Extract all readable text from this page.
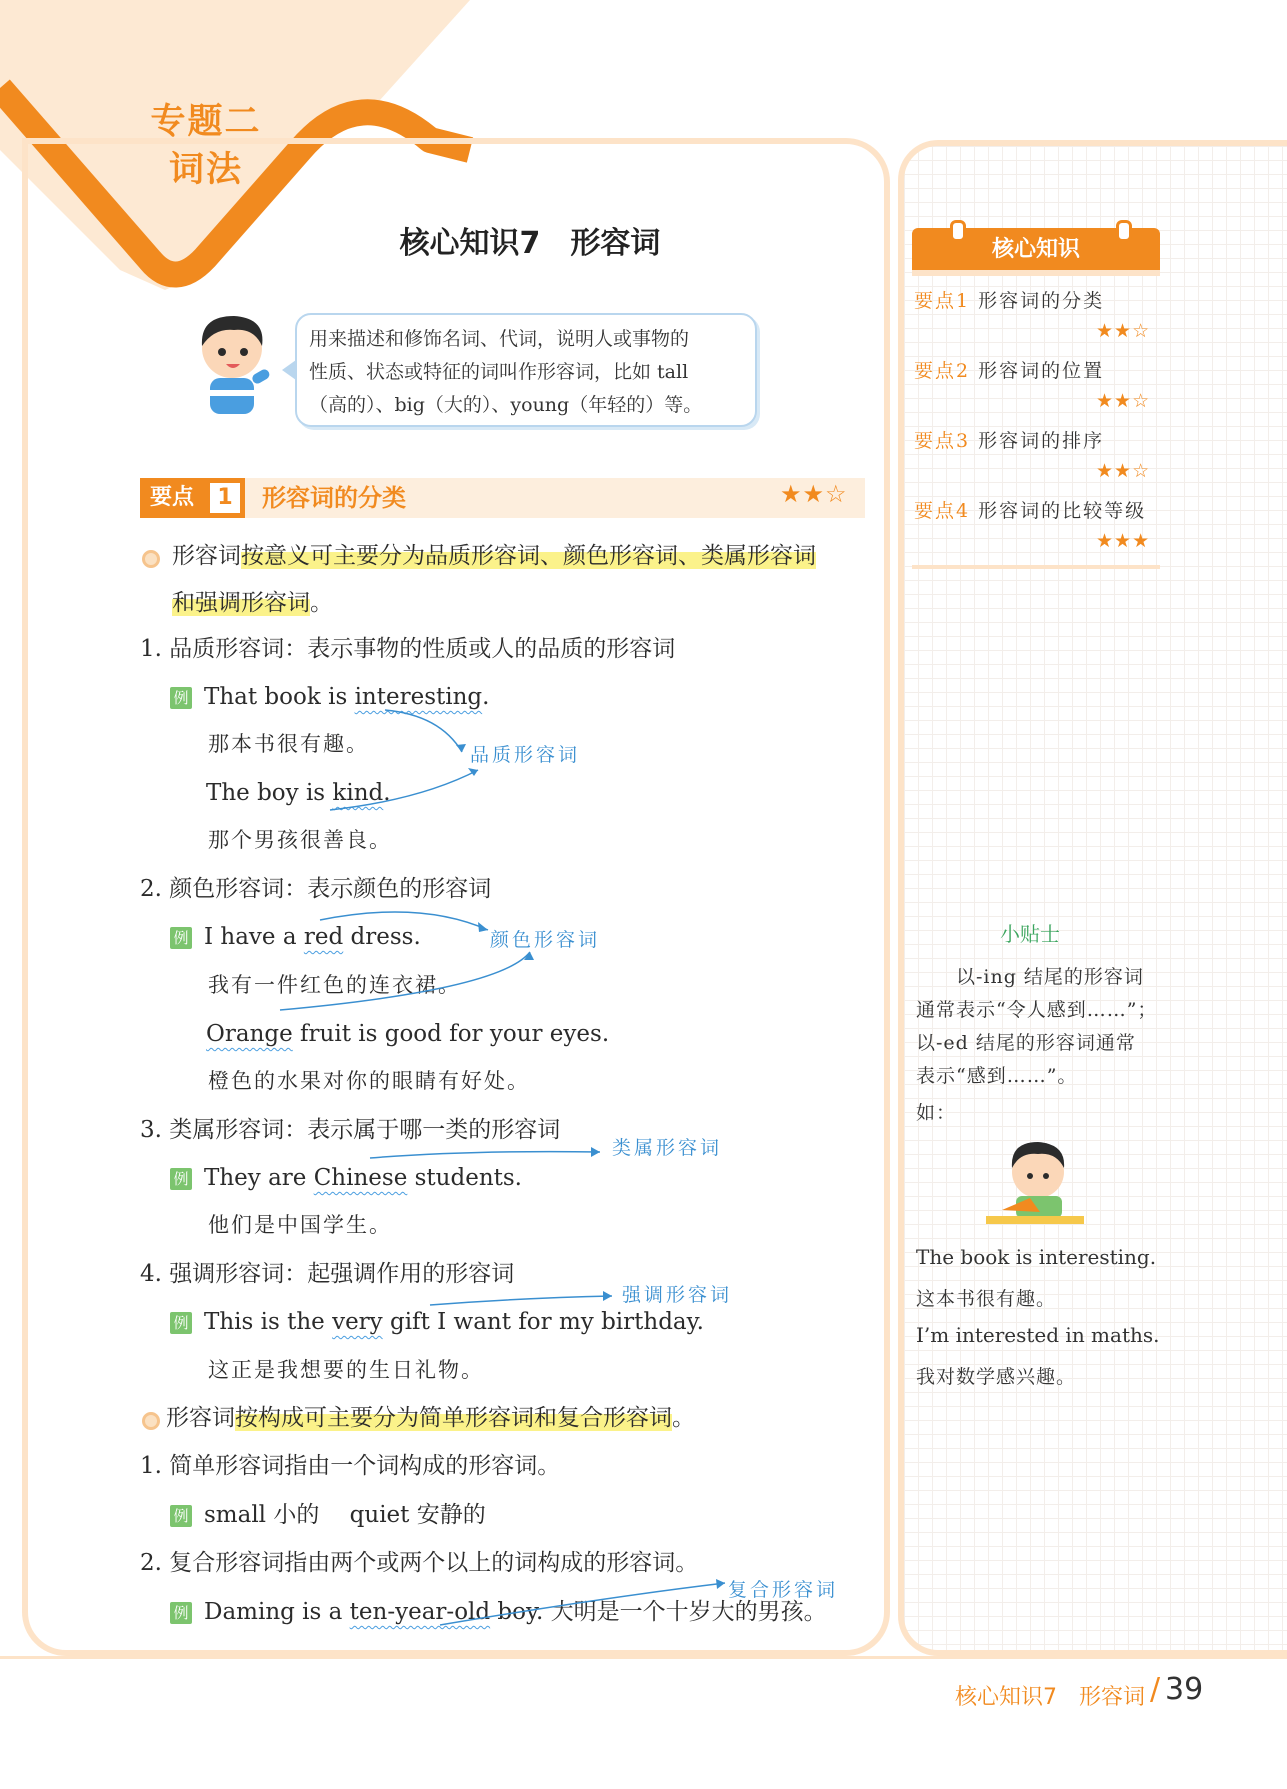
专题二
词法
核心知识7　形容词
用来描述和修饰名词、代词，说明人或事物的
性质、状态或特征的词叫作形容词，比如 tall
（高的）、big（大的）、young（年轻的）等。
要点	1	形容词的分类	★★☆
形容词按意义可主要分为品质形容词、颜色形容词、类属形容词
和强调形容词。
1. 品质形容词：表示事物的性质或人的品质的形容词
例 That book is interesting.
那本书很有趣。
The boy is kind.
那个男孩很善良。
品质形容词
2. 颜色形容词：表示颜色的形容词
例 I have a red dress.
我有一件红色的连衣裙。
Orange fruit is good for your eyes.
橙色的水果对你的眼睛有好处。
颜色形容词
3. 类属形容词：表示属于哪一类的形容词
例 They are Chinese students.
他们是中国学生。
类属形容词
4. 强调形容词：起强调作用的形容词
例 This is the very gift I want for my birthday.
这正是我想要的生日礼物。
强调形容词
形容词按构成可主要分为简单形容词和复合形容词。
1. 简单形容词指由一个词构成的形容词。
例 small 小的　 quiet 安静的
2. 复合形容词指由两个或两个以上的词构成的形容词。
例 Daming is a ten-year-old boy. 大明是一个十岁大的男孩。
复合形容词
核心知识
要点1 形容词的分类
★★☆
要点2 形容词的位置
★★☆
要点3 形容词的排序
★★☆
要点4 形容词的比较等级
★★★
小贴士
　　以-ing 结尾的形容词
通常表示“令人感到……”；
以-ed 结尾的形容词通常
表示“感到……”。
如：
The book is interesting.
这本书很有趣。
I’m interested in maths.
我对数学感兴趣。
核心知识7　形容词 / 39
